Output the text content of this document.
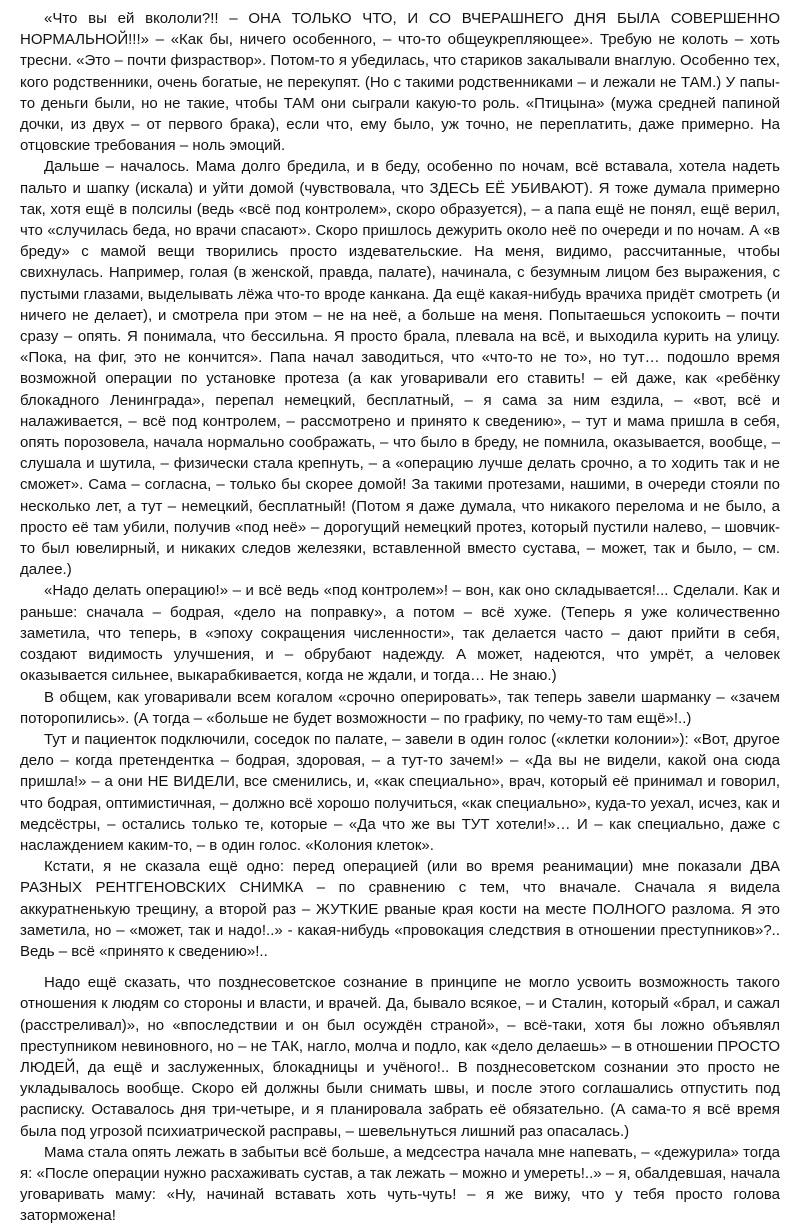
«Что вы ей вкололи?!! – ОНА ТОЛЬКО ЧТО, И СО ВЧЕРАШНЕГО ДНЯ БЫЛА СОВЕРШЕННО НОРМАЛЬНОЙ!!!» – «Как бы, ничего особенного, – что-то общеукрепляющее». Требую не колоть – хоть тресни. «Это – почти физраствор». Потом-то я убедилась, что стариков закалывали внаглую. Особенно тех, кого родственники, очень богатые, не перекупят. (Но с такими родственниками – и лежали не ТАМ.) У папы-то деньги были, но не такие, чтобы ТАМ они сыграли какую-то роль. «Птицына» (мужа средней папиной дочки, из двух – от первого брака), если что, ему было, уж точно, не переплатить, даже примерно. На отцовские требования – ноль эмоций.

Дальше – началось. Мама долго бредила, и в беду, особенно по ночам, всё вставала, хотела надеть пальто и шапку (искала) и уйти домой (чувствовала, что ЗДЕСЬ ЕЁ УБИВАЮТ). Я тоже думала примерно так, хотя ещё в полсилы (ведь «всё под контролем», скоро образуется), – а папа ещё не понял, ещё верил, что «случилась беда, но врачи спасают». Скоро пришлось дежурить около неё по очереди и по ночам. А «в бреду» с мамой вещи творились просто издевательские. На меня, видимо, рассчитанные, чтобы свихнулась. Например, голая (в женской, правда, палате), начинала, с безумным лицом без выражения, с пустыми глазами, выделывать лёжа что-то вроде канкана. Да ещё какая-нибудь врачиха придёт смотреть (и ничего не делает), и смотрела при этом – не на неё, а больше на меня. Попытаешься успокоить – почти сразу – опять. Я понимала, что бессильна. Я просто брала, плевала на всё, и выходила курить на улицу. «Пока, на фиг, это не кончится». Папа начал заводиться, что «что-то не то», но тут… подошло время возможной операции по установке протеза (а как уговаривали его ставить! – ей даже, как «ребёнку блокадного Ленинграда», перепал немецкий, бесплатный, – я сама за ним ездила, – «вот, всё и налаживается, – всё под контролем, – рассмотрено и принято к сведению», – тут и мама пришла в себя, опять порозовела, начала нормально соображать, – что было в бреду, не помнила, оказывается, вообще, – слушала и шутила, – физически стала крепнуть, – а «операцию лучше делать срочно, а то ходить так и не сможет». Сама – согласна, – только бы скорее домой! За такими протезами, нашими, в очереди стояли по несколько лет, а тут – немецкий, бесплатный! (Потом я даже думала, что никакого перелома и не было, а просто её там убили, получив «под неё» – дорогущий немецкий протез, который пустили налево, – шовчик-то был ювелирный, и никаких следов железяки, вставленной вместо сустава, – может, так и было, – см. далее.)

«Надо делать операцию!» – и всё ведь «под контролем»! – вон, как оно складывается!... Сделали. Как и раньше: сначала – бодрая, «дело на поправку», а потом – всё хуже. (Теперь я уже количественно заметила, что теперь, в «эпоху сокращения численности», так делается часто – дают прийти в себя, создают видимость улучшения, и – обрубают надежду. А может, надеются, что умрёт, а человек оказывается сильнее, выкарабкивается, когда не ждали, и тогда… Не знаю.)

В общем, как уговаривали всем когалом «срочно оперировать», так теперь завели шарманку – «зачем поторопились». (А тогда – «больше не будет возможности – по графику, по чему-то там ещё»!..)

Тут и пациенток подключили, соседок по палате, – завели в один голос («клетки колонии»): «Вот, другое дело – когда претендентка – бодрая, здоровая, – а тут-то зачем!» – «Да вы не видели, какой она сюда пришла!» – а они НЕ ВИДЕЛИ, все сменились, и, «как специально», врач, который её принимал и говорил, что бодрая, оптимистичная, – должно всё хорошо получиться, «как специально», куда-то уехал, исчез, как и медсёстры, – остались только те, которые – «Да что же вы ТУТ хотели!»… И – как специально, даже с наслаждением каким-то, – в один голос. «Колония клеток».

Кстати, я не сказала ещё одно: перед операцией (или во время реанимации) мне показали ДВА РАЗНЫХ РЕНТГЕНОВСКИХ СНИМКА – по сравнению с тем, что вначале. Сначала я видела аккуратненькую трещину, а второй раз – ЖУТКИЕ рваные края кости на месте ПОЛНОГО разлома. Я это заметила, но – «может, так и надо!..» - какая-нибудь «провокация следствия в отношении преступников»?.. Ведь – всё «принято к сведению»!..

Надо ещё сказать, что позднесоветское сознание в принципе не могло усвоить возможность такого отношения к людям со стороны и власти, и врачей. Да, бывало всякое, – и Сталин, который «брал, и сажал (расстреливал)», но «впоследствии и он был осуждён страной», – всё-таки, хотя бы ложно объявлял преступником невиновного, но – не ТАК, нагло, молча и подло, как «дело делаешь» – в отношении ПРОСТО ЛЮДЕЙ, да ещё и заслуженных, блокадницы и учёного!.. В позднесоветском сознании это просто не укладывалось вообще. Скоро ей должны были снимать швы, и после этого соглашались отпустить под расписку. Оставалось дня три-четыре, и я планировала забрать её обязательно. (А сама-то я всё время была под угрозой психиатрической расправы, – шевельнуться лишний раз опасалась.)

Мама стала опять лежать в забытьи всё больше, а медсестра начала мне напевать, – «дежурила» тогда я: «После операции нужно расхаживать сустав, а так лежать – можно и умереть!..» – я, обалдевшая, начала уговаривать маму: «Ну, начинай вставать хоть чуть-чуть! – я же вижу, что у тебя просто голова заторможена!
